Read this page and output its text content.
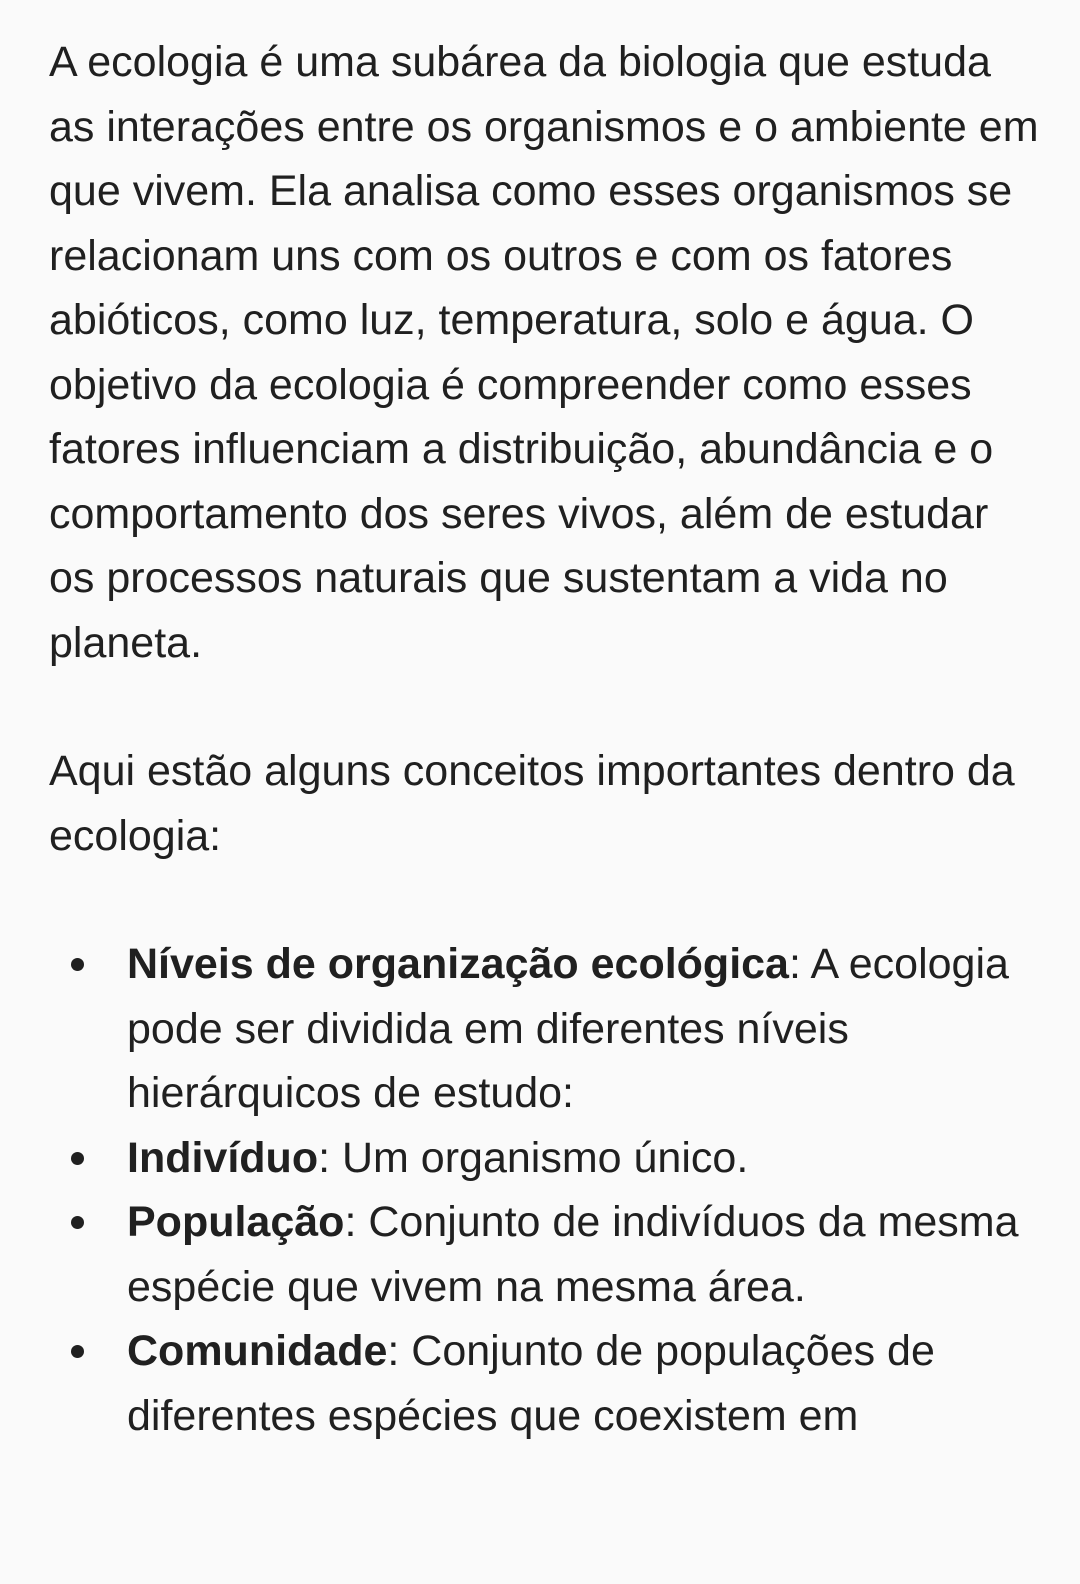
A ecologia é uma subárea da biologia que estuda as interações entre os organismos e o ambiente em que vivem. Ela analisa como esses organismos se relacionam uns com os outros e com os fatores abióticos, como luz, temperatura, solo e água. O objetivo da ecologia é compreender como esses fatores influenciam a distribuição, abundância e o comportamento dos seres vivos, além de estudar os processos naturais que sustentam a vida no planeta.

Aqui estão alguns conceitos importantes dentro da ecologia:

Níveis de organização ecológica: A ecologia pode ser dividida em diferentes níveis hierárquicos de estudo:
Indivíduo: Um organismo único.
População: Conjunto de indivíduos da mesma espécie que vivem na mesma área.
Comunidade: Conjunto de populações de diferentes espécies que coexistem em
